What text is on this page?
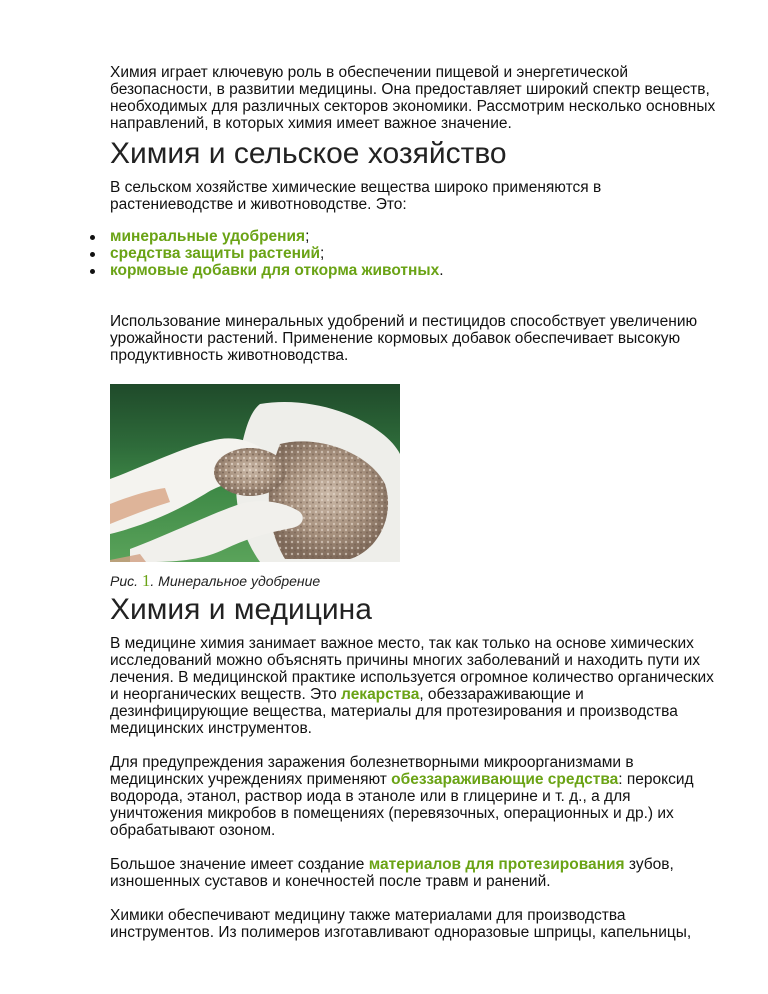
Химия играет ключевую роль в обеспечении пищевой и энергетической безопасности, в развитии медицины. Она предоставляет широкий спектр веществ, необходимых для различных секторов экономики. Рассмотрим несколько основных направлений, в которых химия имеет важное значение.

Химия и сельское хозяйство

В сельском хозяйстве химические вещества широко применяются в растениеводстве и животноводстве. Это:

минеральные удобрения;
средства защиты растений;
кормовые добавки для откорма животных.

Использование минеральных удобрений и пестицидов способствует увеличению урожайности растений. Применение кормовых добавок обеспечивает высокую продуктивность животноводства.

Рис. 1. Минеральное удобрение

Химия и медицина

В медицине химия занимает важное место, так как только на основе химических исследований можно объяснять причины многих заболеваний и находить пути их лечения. В медицинской практике используется огромное количество органических и неорганических веществ. Это лекарства, обеззараживающие и дезинфицирующие вещества, материалы для протезирования и производства медицинских инструментов.

Для предупреждения заражения болезнетворными микроорганизмами в медицинских учреждениях применяют обеззараживающие средства: пероксид водорода, этанол, раствор иода в этаноле или в глицерине и т. д., а для уничтожения микробов в помещениях (перевязочных, операционных и др.) их обрабатывают озоном.

Большое значение имеет создание материалов для протезирования зубов, изношенных суставов и конечностей после травм и ранений.

Химики обеспечивают медицину также материалами для производства инструментов. Из полимеров изготавливают одноразовые шприцы, капельницы,
